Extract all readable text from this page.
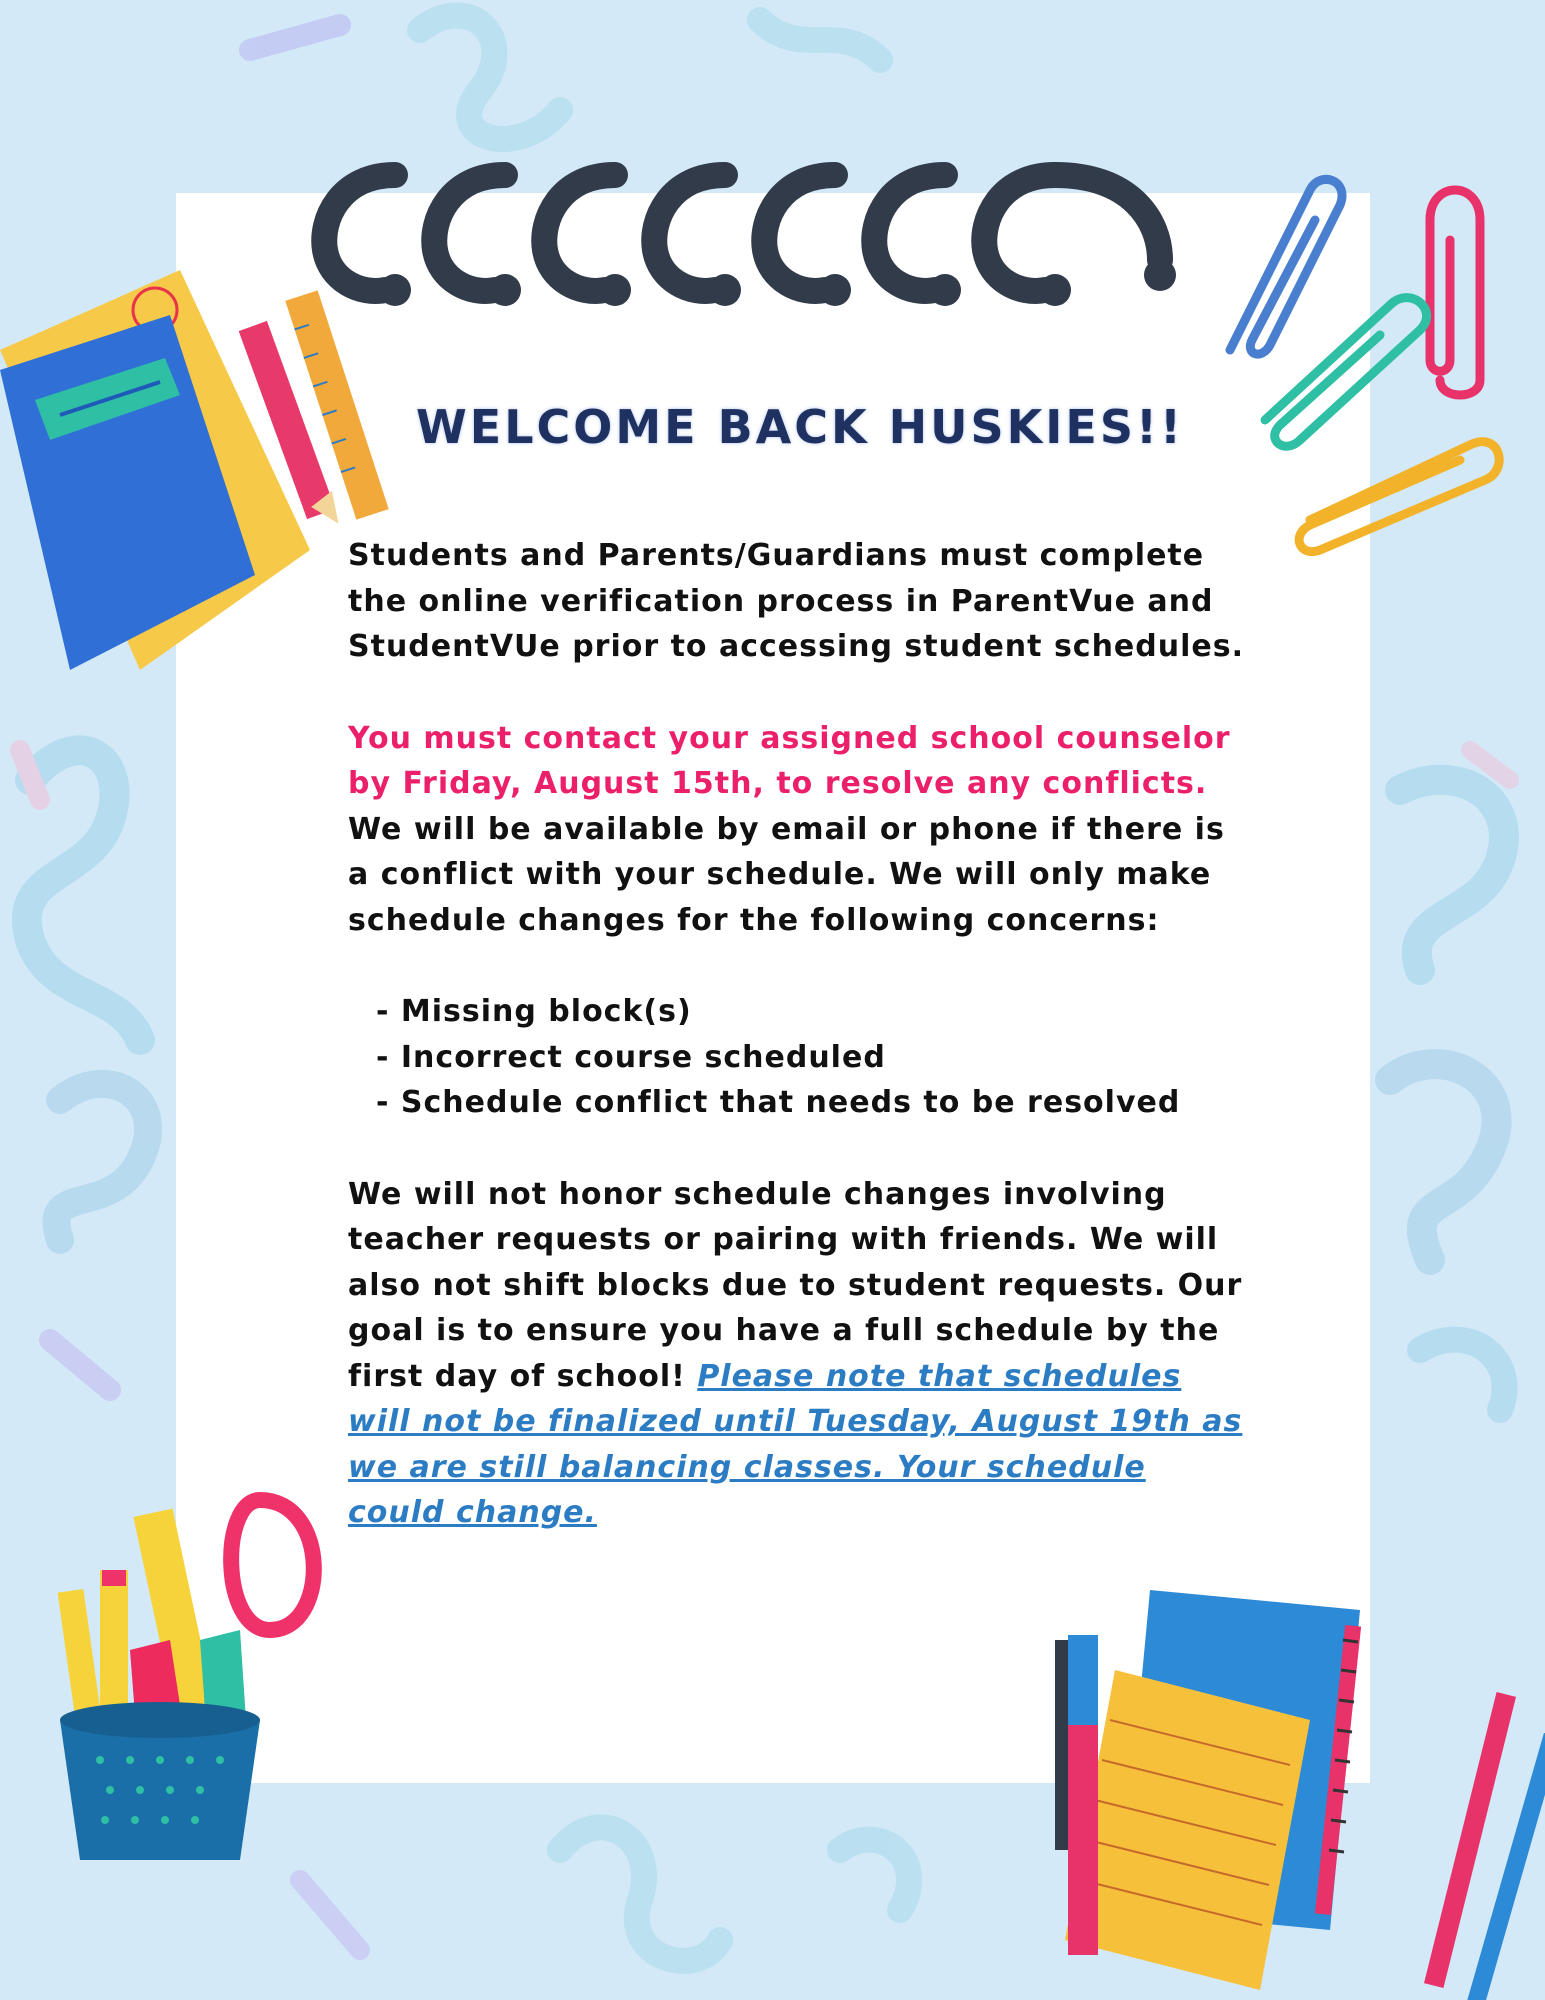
WELCOME BACK HUSKIES!!

Students and Parents/Guardians must complete the online verification process in ParentVue and StudentVUe prior to accessing student schedules.

You must contact your assigned school counselor by Friday, August 15th, to resolve any conflicts. We will be available by email or phone if there is a conflict with your schedule. We will only make schedule changes for the following concerns:

- Missing block(s)
- Incorrect course scheduled
- Schedule conflict that needs to be resolved

We will not honor schedule changes involving teacher requests or pairing with friends. We will also not shift blocks due to student requests. Our goal is to ensure you have a full schedule by the first day of school! Please note that schedules will not be finalized until Tuesday, August 19th as we are still balancing classes. Your schedule could change.
